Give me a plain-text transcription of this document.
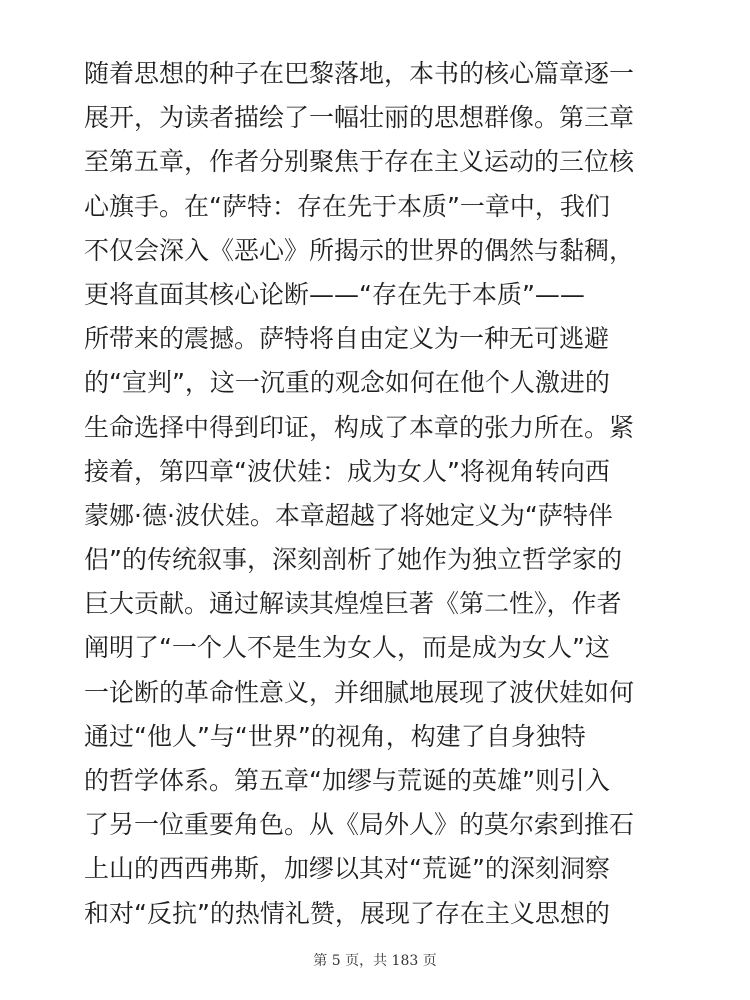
随着思想的种子在巴黎落地，本书的核心篇章逐一
展开，为读者描绘了一幅壮丽的思想群像。第三章
至第五章，作者分别聚焦于存在主义运动的三位核
心旗手。在“萨特：存在先于本质”一章中，我们
不仅会深入《恶心》所揭示的世界的偶然与黏稠，
更将直面其核心论断——“存在先于本质”——
所带来的震撼。萨特将自由定义为一种无可逃避
的“宣判”，这一沉重的观念如何在他个人激进的
生命选择中得到印证，构成了本章的张力所在。紧
接着，第四章“波伏娃：成为女人”将视角转向西
蒙娜·德·波伏娃。本章超越了将她定义为“萨特伴
侣”的传统叙事，深刻剖析了她作为独立哲学家的
巨大贡献。通过解读其煌煌巨著《第二性》，作者
阐明了“一个人不是生为女人，而是成为女人”这
一论断的革命性意义，并细腻地展现了波伏娃如何
通过“他人”与“世界”的视角，构建了自身独特
的哲学体系。第五章“加缪与荒诞的英雄”则引入
了另一位重要角色。从《局外人》的莫尔索到推石
上山的西西弗斯，加缪以其对“荒诞”的深刻洞察
和对“反抗”的热情礼赞，展现了存在主义思想的
第 5 页，共 183 页
